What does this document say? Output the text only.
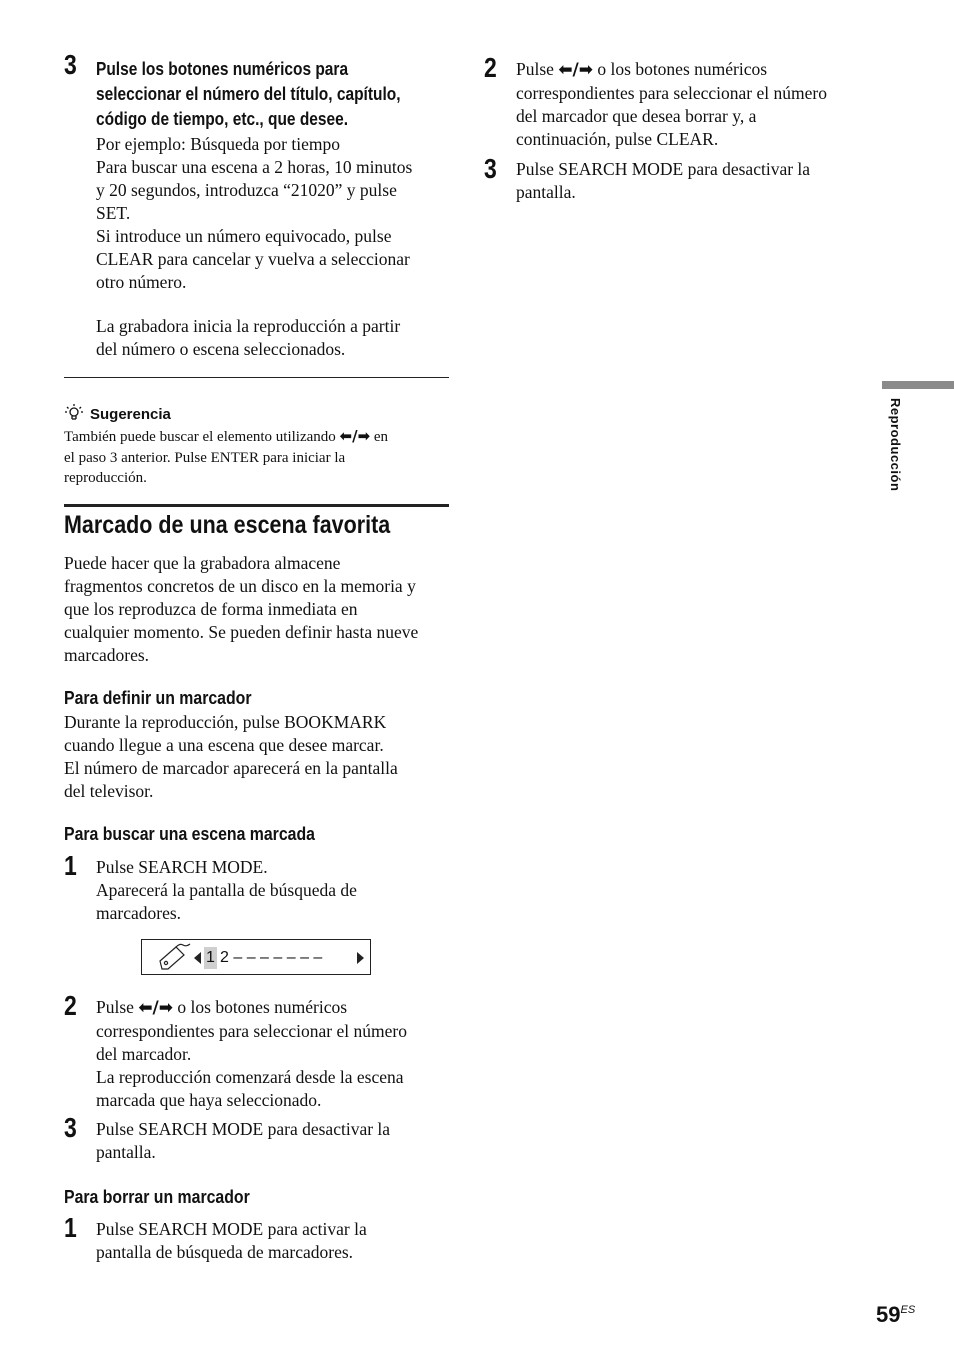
3 Pulse los botones numéricos para
seleccionar el número del título, capítulo,
código de tiempo, etc., que desee.
Por ejemplo: Búsqueda por tiempo
Para buscar una escena a 2 horas, 10 minutos
y 20 segundos, introduzca “21020” y pulse
SET.
Si introduce un número equivocado, pulse
CLEAR para cancelar y vuelva a seleccionar
otro número.
La grabadora inicia la reproducción a partir
del número o escena seleccionados.
Sugerencia
También puede buscar el elemento utilizando ⬅/➡ en
el paso 3 anterior. Pulse ENTER para iniciar la
reproducción.
Marcado de una escena favorita
Puede hacer que la grabadora almacene
fragmentos concretos de un disco en la memoria y
que los reproduzca de forma inmediata en
cualquier momento. Se pueden definir hasta nueve
marcadores.
Para definir un marcador
Durante la reproducción, pulse BOOKMARK
cuando llegue a una escena que desee marcar.
El número de marcador aparecerá en la pantalla
del televisor.
Para buscar una escena marcada
1 Pulse SEARCH MODE.
Aparecerá la pantalla de búsqueda de
marcadores.
1 2 – – – – – – –
2 Pulse ⬅/➡ o los botones numéricos
correspondientes para seleccionar el número
del marcador.
La reproducción comenzará desde la escena
marcada que haya seleccionado.
3 Pulse SEARCH MODE para desactivar la
pantalla.
Para borrar un marcador
1 Pulse SEARCH MODE para activar la
pantalla de búsqueda de marcadores.
2 Pulse ⬅/➡ o los botones numéricos
correspondientes para seleccionar el número
del marcador que desea borrar y, a
continuación, pulse CLEAR.
3 Pulse SEARCH MODE para desactivar la
pantalla.
Reproducción
$59^{ES}$
